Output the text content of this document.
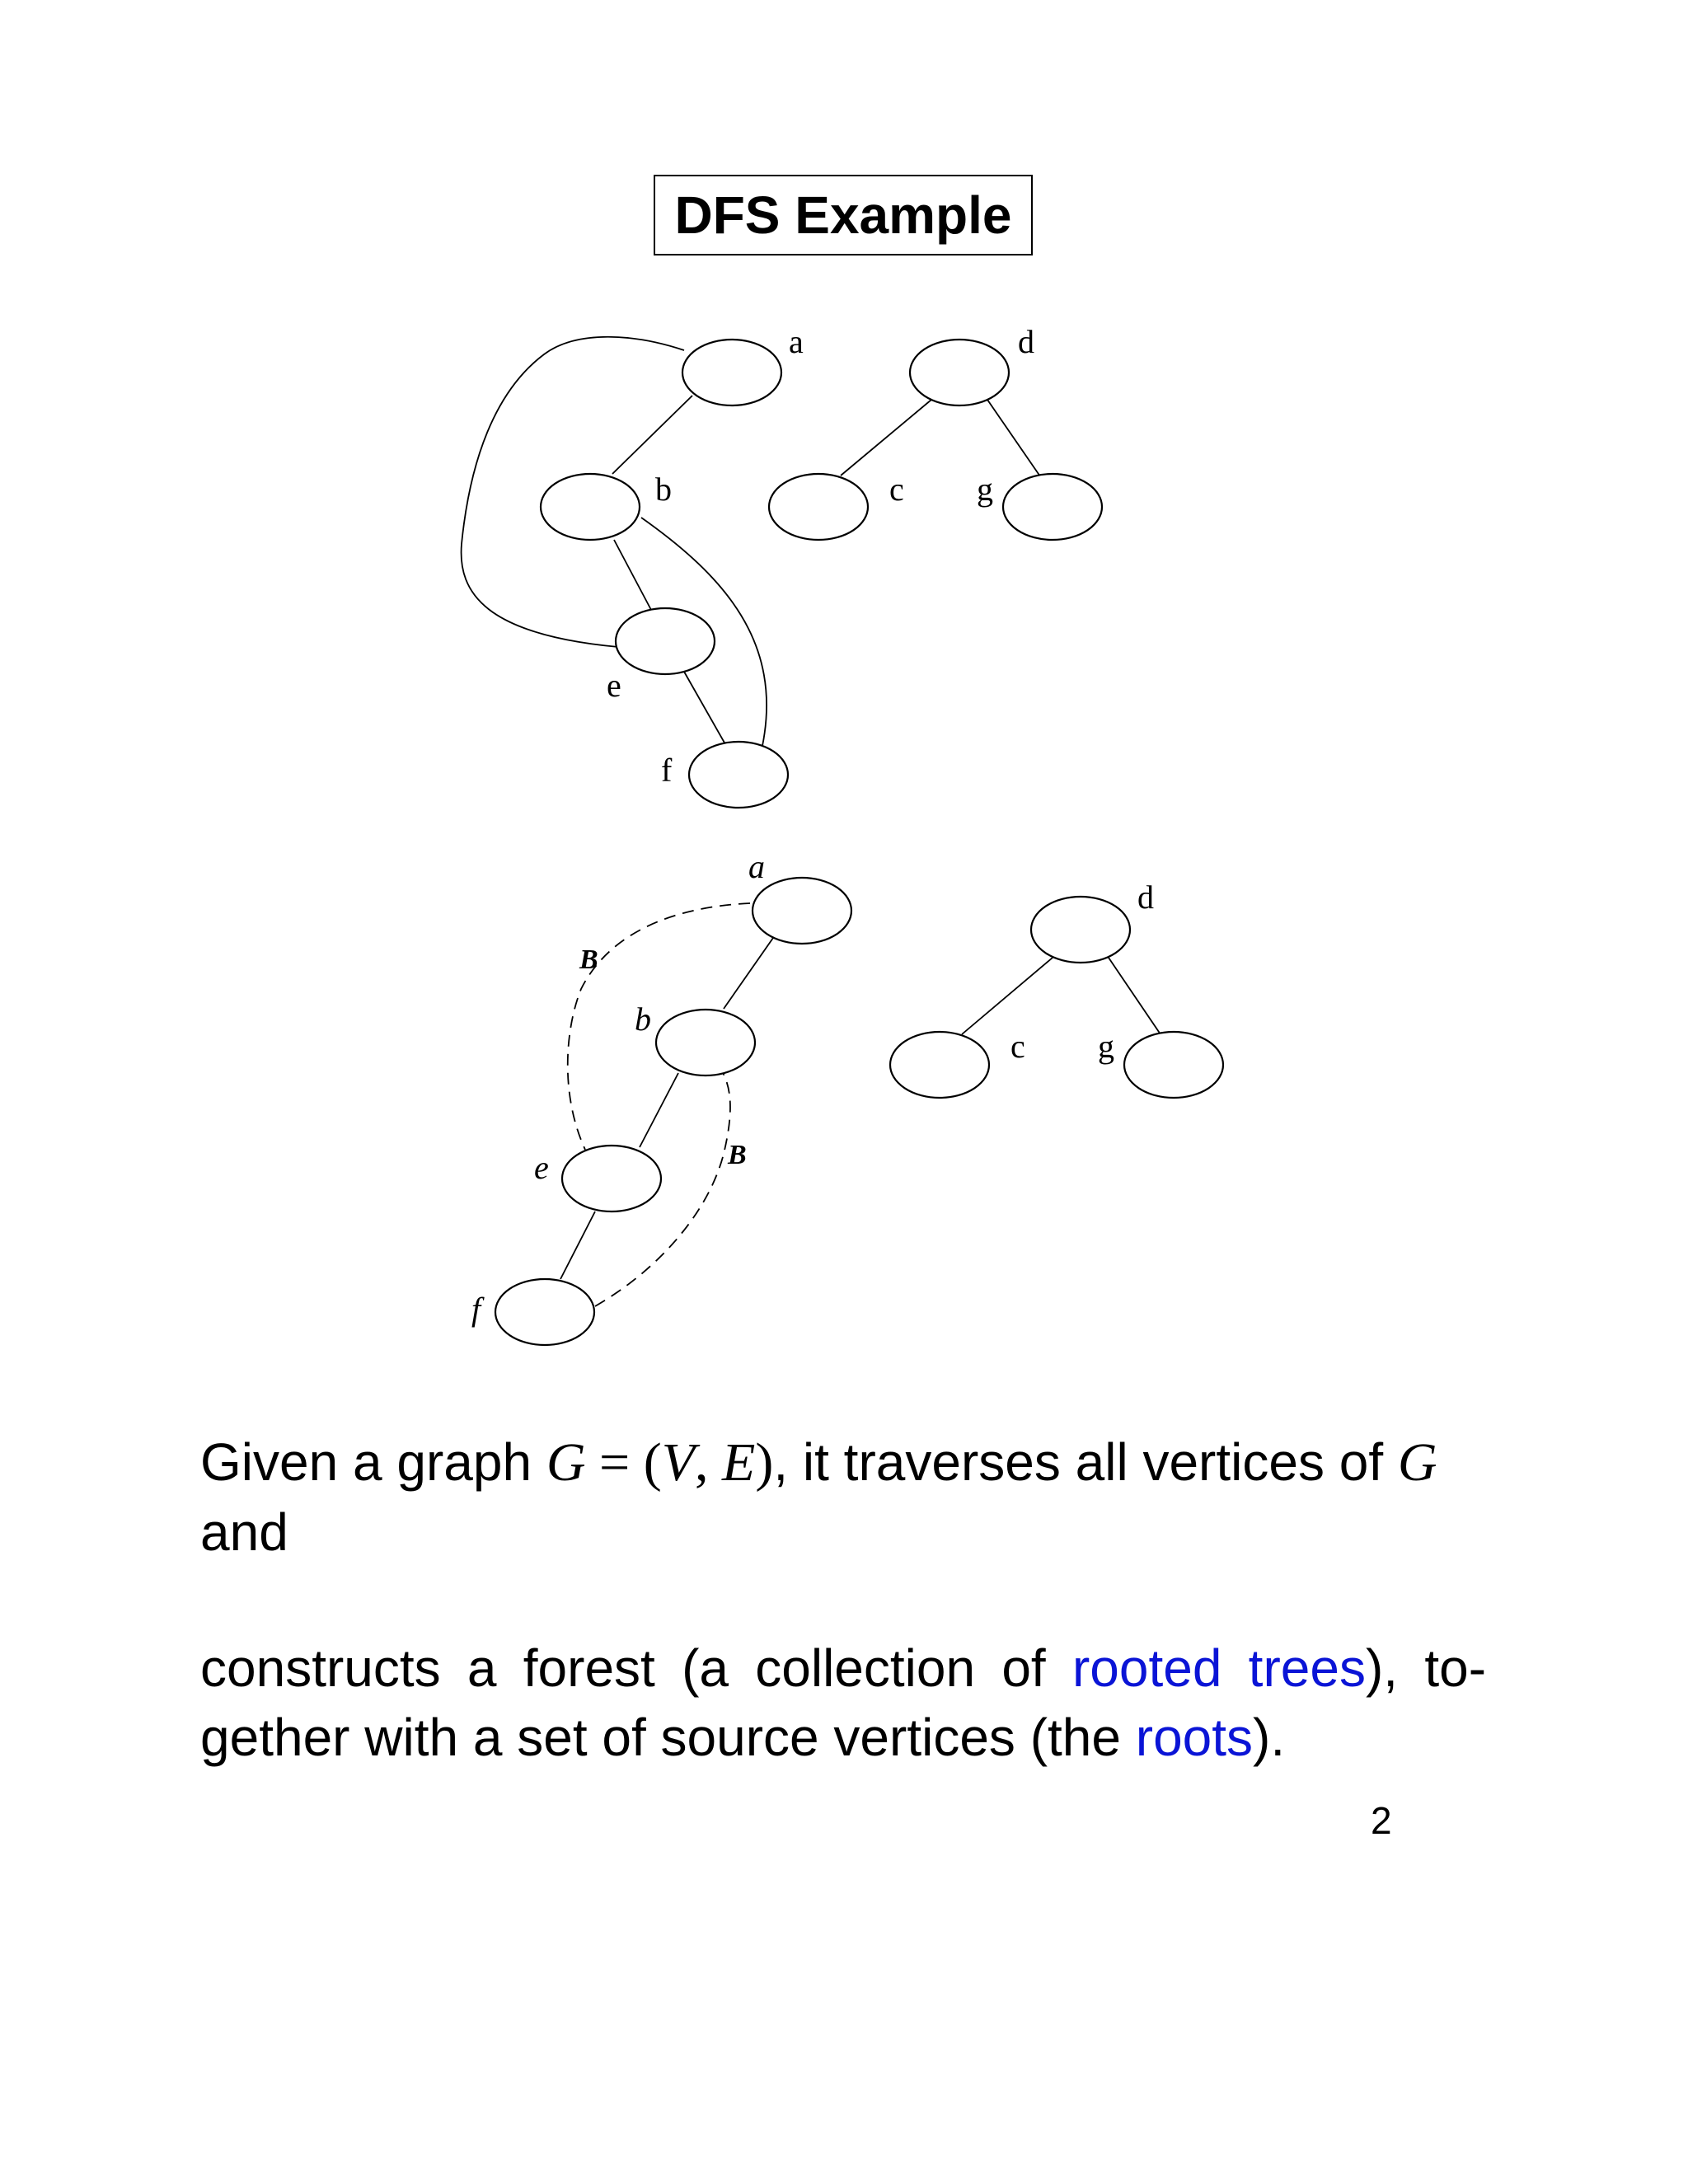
DFS Example
a
b
e
f
d
c g
a
b
e
f
d
c g
B
B
Given a graph G = (V, E), it traverses all vertices of G and
constructs a forest (a collection of rooted trees), to-gether with a set of source vertices (the roots).
2
